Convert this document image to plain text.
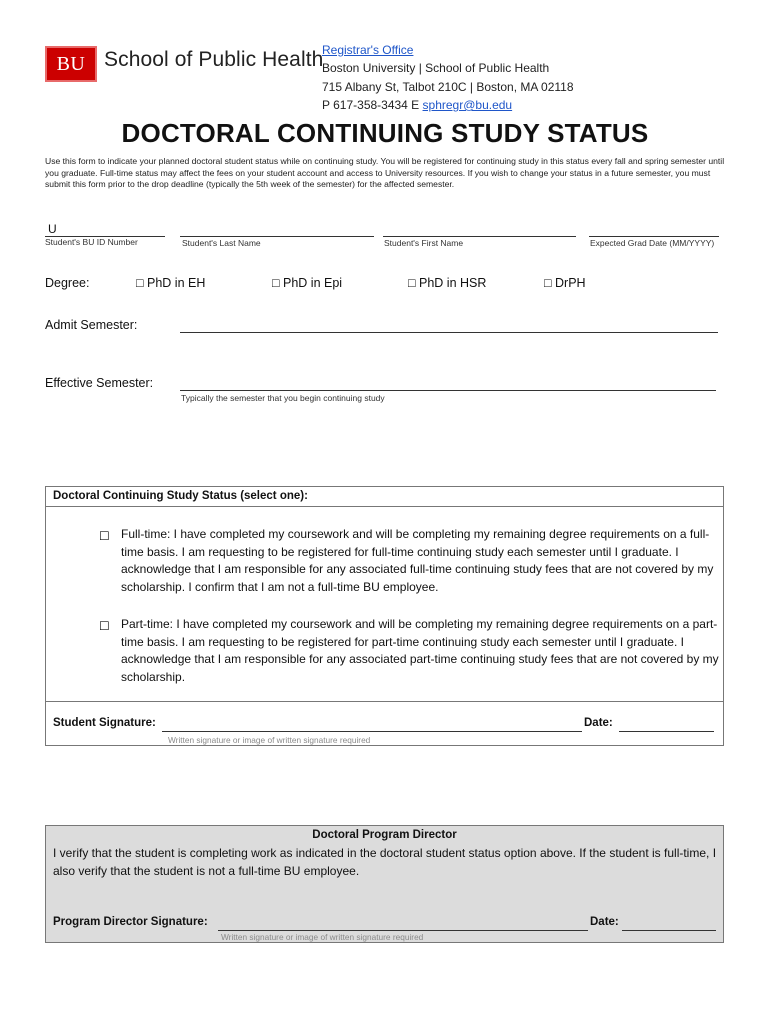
BU School of Public Health
Registrar's Office
Boston University | School of Public Health
715 Albany St, Talbot 210C | Boston, MA 02118
P 617-358-3434 E sphregr@bu.edu
DOCTORAL CONTINUING STUDY STATUS
Use this form to indicate your planned doctoral student status while on continuing study. You will be registered for continuing study in this status every fall and spring semester until you graduate. Full-time status may affect the fees on your student account and access to University resources. If you wish to change your status in a future semester, you must submit this form prior to the drop deadline (typically the 5th week of the semester) for the affected semester.
U
Student's BU ID Number	Student's Last Name	Student's First Name	Expected Grad Date (MM/YYYY)
Degree:	□ PhD in EH	□ PhD in Epi	□ PhD in HSR	□ DrPH
Admit Semester:
Effective Semester:
Typically the semester that you begin continuing study
Doctoral Continuing Study Status (select one):
☐ Full-time: I have completed my coursework and will be completing my remaining degree requirements on a full-time basis. I am requesting to be registered for full-time continuing study each semester until I graduate. I acknowledge that I am responsible for any associated full-time continuing study fees that are not covered by my scholarship. I confirm that I am not a full-time BU employee.
☐ Part-time: I have completed my coursework and will be completing my remaining degree requirements on a part-time basis. I am requesting to be registered for part-time continuing study each semester until I graduate. I acknowledge that I am responsible for any associated part-time continuing study fees that are not covered by my scholarship.
Student Signature:	Date:
Written signature or image of written signature required
Doctoral Program Director
I verify that the student is completing work as indicated in the doctoral student status option above. If the student is full-time, I also verify that the student is not a full-time BU employee.
Program Director Signature:	Date:
Written signature or image of written signature required
